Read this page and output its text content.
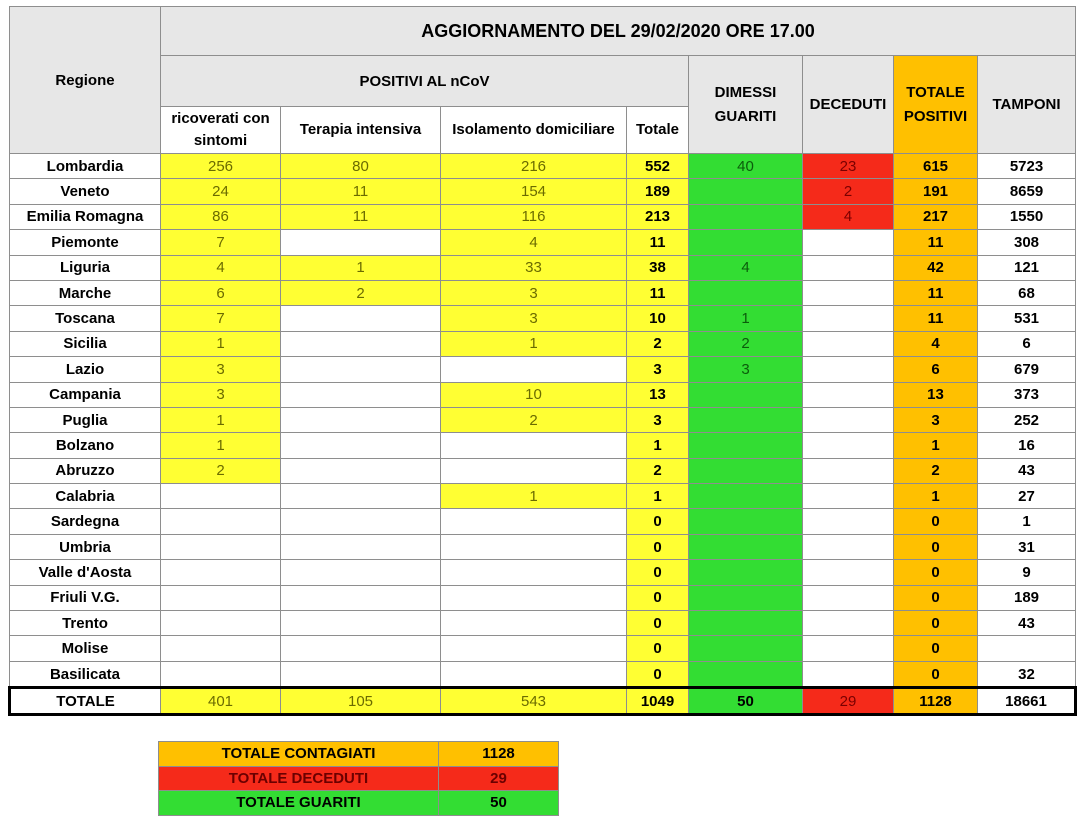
Regione	AGGIORNAMENTO DEL 29/02/2020 ORE 17.00							
	POSITIVI AL nCoV				DIMESSI GUARITI	DECEDUTI	TOTALE POSITIVI	TAMPONI
	ricoverati con sintomi	Terapia intensiva	Isolamento domiciliare	Totale				
Lombardia	256	80	216	552	40	23	615	5723
Veneto	24	11	154	189		2	191	8659
Emilia Romagna	86	11	116	213		4	217	1550
Piemonte	7		4	11			11	308
Liguria	4	1	33	38	4		42	121
Marche	6	2	3	11			11	68
Toscana	7		3	10	1		11	531
Sicilia	1		1	2	2		4	6
Lazio	3			3	3		6	679
Campania	3		10	13			13	373
Puglia	1		2	3			3	252
Bolzano	1			1			1	16
Abruzzo	2			2			2	43
Calabria			1	1			1	27
Sardegna				0			0	1
Umbria				0			0	31
Valle d'Aosta				0			0	9
Friuli V.G.				0			0	189
Trento				0			0	43
Molise				0			0	
Basilicata				0			0	32
TOTALE	401	105	543	1049	50	29	1128	18661
TOTALE CONTAGIATI	1128
TOTALE DECEDUTI	29
TOTALE GUARITI	50
